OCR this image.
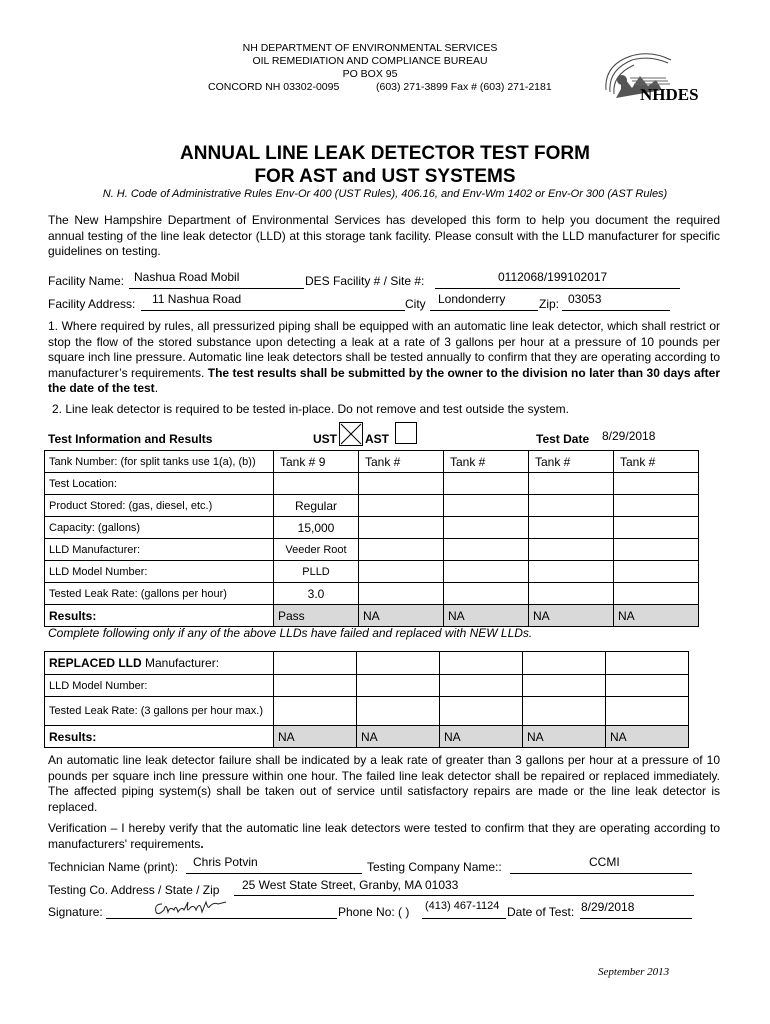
NH DEPARTMENT OF ENVIRONMENTAL SERVICES
OIL REMEDIATION AND COMPLIANCE BUREAU
PO BOX 95
CONCORD NH 03302-0095	(603) 271-3899 Fax # (603) 271-2181	NHDES
ANNUAL LINE LEAK DETECTOR TEST FORM
FOR AST and UST SYSTEMS
N. H. Code of Administrative Rules Env-Or 400 (UST Rules), 406.16, and Env-Wm 1402 or Env-Or 300 (AST Rules)
The New Hampshire Department of Environmental Services has developed this form to help you document the required annual testing of the line leak detector (LLD) at this storage tank facility. Please consult with the LLD manufacturer for specific guidelines on testing.
Facility Name: Nashua Road Mobil	DES Facility # / Site #:	0112068/199102017
Facility Address: 11 Nashua Road	City Londonderry	Zip: 03053
1. Where required by rules, all pressurized piping shall be equipped with an automatic line leak detector, which shall restrict or stop the flow of the stored substance upon detecting a leak at a rate of 3 gallons per hour at a pressure of 10 pounds per square inch line pressure. Automatic line leak detectors shall be tested annually to confirm that they are operating according to manufacturer’s requirements. The test results shall be submitted by the owner to the division no later than 30 days after the date of the test.
2. Line leak detector is required to be tested in-place. Do not remove and test outside the system.
Test Information and Results	UST AST	Test Date 8/29/2018
Tank Number: (for split tanks use 1(a), (b))	Tank # 9	Tank #	Tank #	Tank #	Tank #
Test Location:					
Product Stored: (gas, diesel, etc.)	Regular				
Capacity: (gallons)	15,000				
LLD Manufacturer:	Veeder Root				
LLD Model Number:	PLLD				
Tested Leak Rate: (gallons per hour)	3.0				
Results:	Pass	NA	NA	NA	NA
Complete following only if any of the above LLDs have failed and replaced with NEW LLDs.
REPLACED LLD Manufacturer:					
LLD Model Number:					
Tested Leak Rate: (3 gallons per hour max.)					
Results:	NA	NA	NA	NA	NA
An automatic line leak detector failure shall be indicated by a leak rate of greater than 3 gallons per hour at a pressure of 10 pounds per square inch line pressure within one hour. The failed line leak detector shall be repaired or replaced immediately. The affected piping system(s) shall be taken out of service until satisfactory repairs are made or the line leak detector is replaced.
Verification – I hereby verify that the automatic line leak detectors were tested to confirm that they are operating according to manufacturers' requirements.
Technician Name (print): Chris Potvin	Testing Company Name::	CCMI
Testing Co. Address / State / Zip 25 West State Street, Granby, MA 01033
Signature:	Phone No: ( ) (413) 467-1124 Date of Test: 8/29/2018
September 2013
